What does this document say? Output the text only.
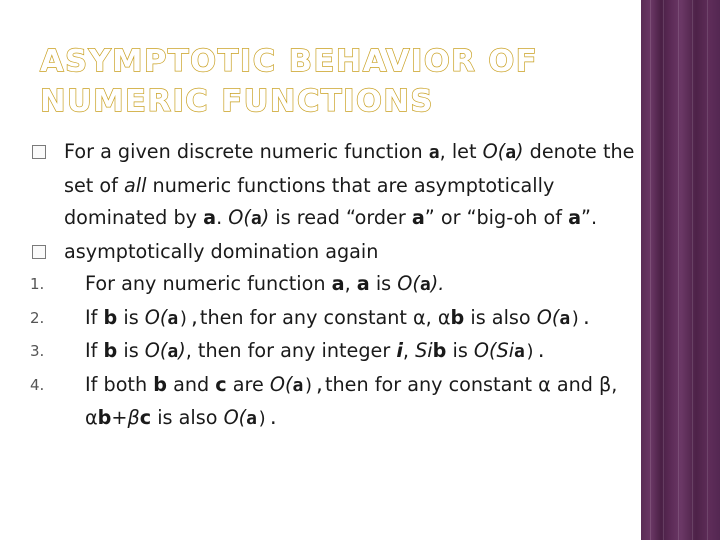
ASYMPTOTIC BEHAVIOR OF
NUMERIC FUNCTIONS
For a given discrete numeric function a, let O(a) denote the set of all numeric functions that are asymptotically dominated by a. O(a) is read “order a” or “big-oh of a”.
asymptotically domination again
1. For any numeric function a, a is O(a).
2. If b is O(a),then for any constant α, αb is also O(a).
3. If b is O(a), then for any integer i, Sib is O(Sia).
4. If both b and c are O(a),then for any constant α and β, αb+βc is also O(a).
